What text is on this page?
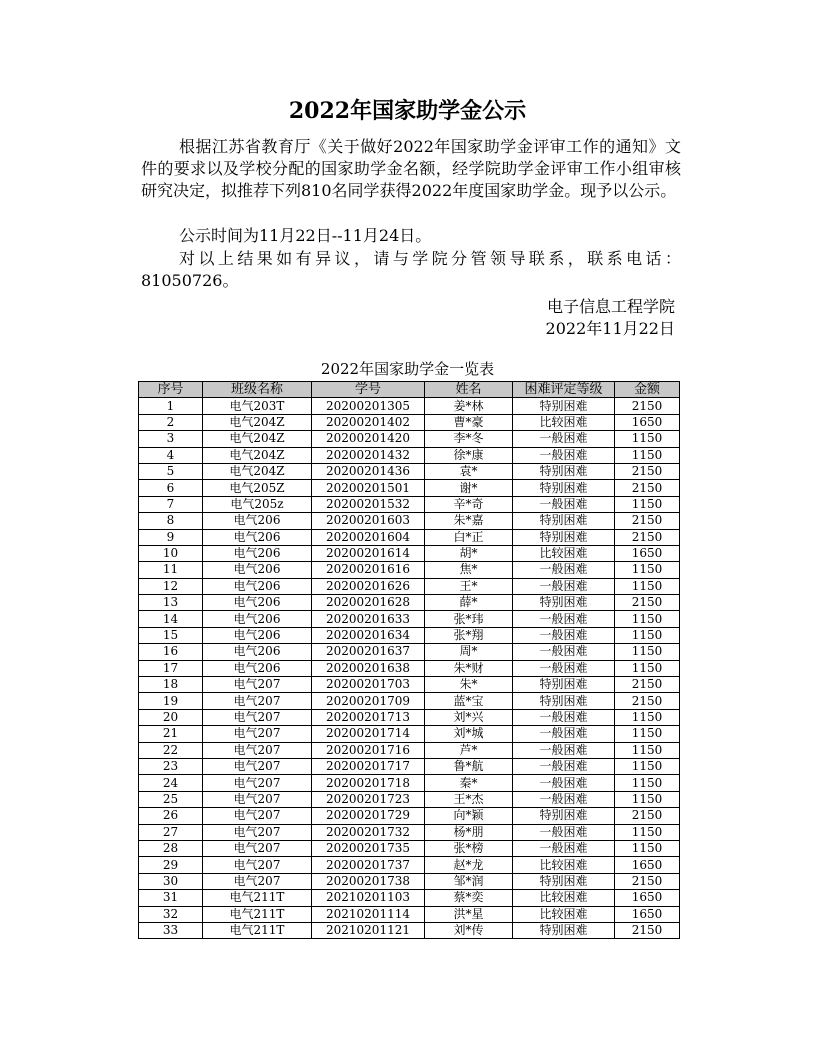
2022年国家助学金公示

根据江苏省教育厅《关于做好2022年国家助学金评审工作的通知》文件的要求以及学校分配的国家助学金名额，经学院助学金评审工作小组审核研究决定，拟推荐下列810名同学获得2022年度国家助学金。现予以公示。

公示时间为11月22日--11月24日。

对以上结果如有异议，请与学院分管领导联系，联系电话：81050726。

电子信息工程学院
2022年11月22日
2022年国家助学金一览表
序号	班级名称	学号	姓名	困难评定等级	金额
1	电气203T	20200201305	姜*林	特别困难	2150
2	电气204Z	20200201402	曹*豪	比较困难	1650
3	电气204Z	20200201420	李*冬	一般困难	1150
4	电气204Z	20200201432	徐*康	一般困难	1150
5	电气204Z	20200201436	袁*	特别困难	2150
6	电气205Z	20200201501	谢*	特别困难	2150
7	电气205z	20200201532	辛*奇	一般困难	1150
8	电气206	20200201603	朱*嘉	特别困难	2150
9	电气206	20200201604	白*正	特别困难	2150
10	电气206	20200201614	胡*	比较困难	1650
11	电气206	20200201616	焦*	一般困难	1150
12	电气206	20200201626	王*	一般困难	1150
13	电气206	20200201628	薛*	特别困难	2150
14	电气206	20200201633	张*玮	一般困难	1150
15	电气206	20200201634	张*翔	一般困难	1150
16	电气206	20200201637	周*	一般困难	1150
17	电气206	20200201638	朱*财	一般困难	1150
18	电气207	20200201703	朱*	特别困难	2150
19	电气207	20200201709	蓝*宝	特别困难	2150
20	电气207	20200201713	刘*兴	一般困难	1150
21	电气207	20200201714	刘*城	一般困难	1150
22	电气207	20200201716	芦*	一般困难	1150
23	电气207	20200201717	鲁*航	一般困难	1150
24	电气207	20200201718	秦*	一般困难	1150
25	电气207	20200201723	王*杰	一般困难	1150
26	电气207	20200201729	向*颖	特别困难	2150
27	电气207	20200201732	杨*朋	一般困难	1150
28	电气207	20200201735	张*榜	一般困难	1150
29	电气207	20200201737	赵*龙	比较困难	1650
30	电气207	20200201738	邹*润	特别困难	2150
31	电气211T	20210201103	蔡*奕	比较困难	1650
32	电气211T	20210201114	洪*星	比较困难	1650
33	电气211T	20210201121	刘*传	特别困难	2150
